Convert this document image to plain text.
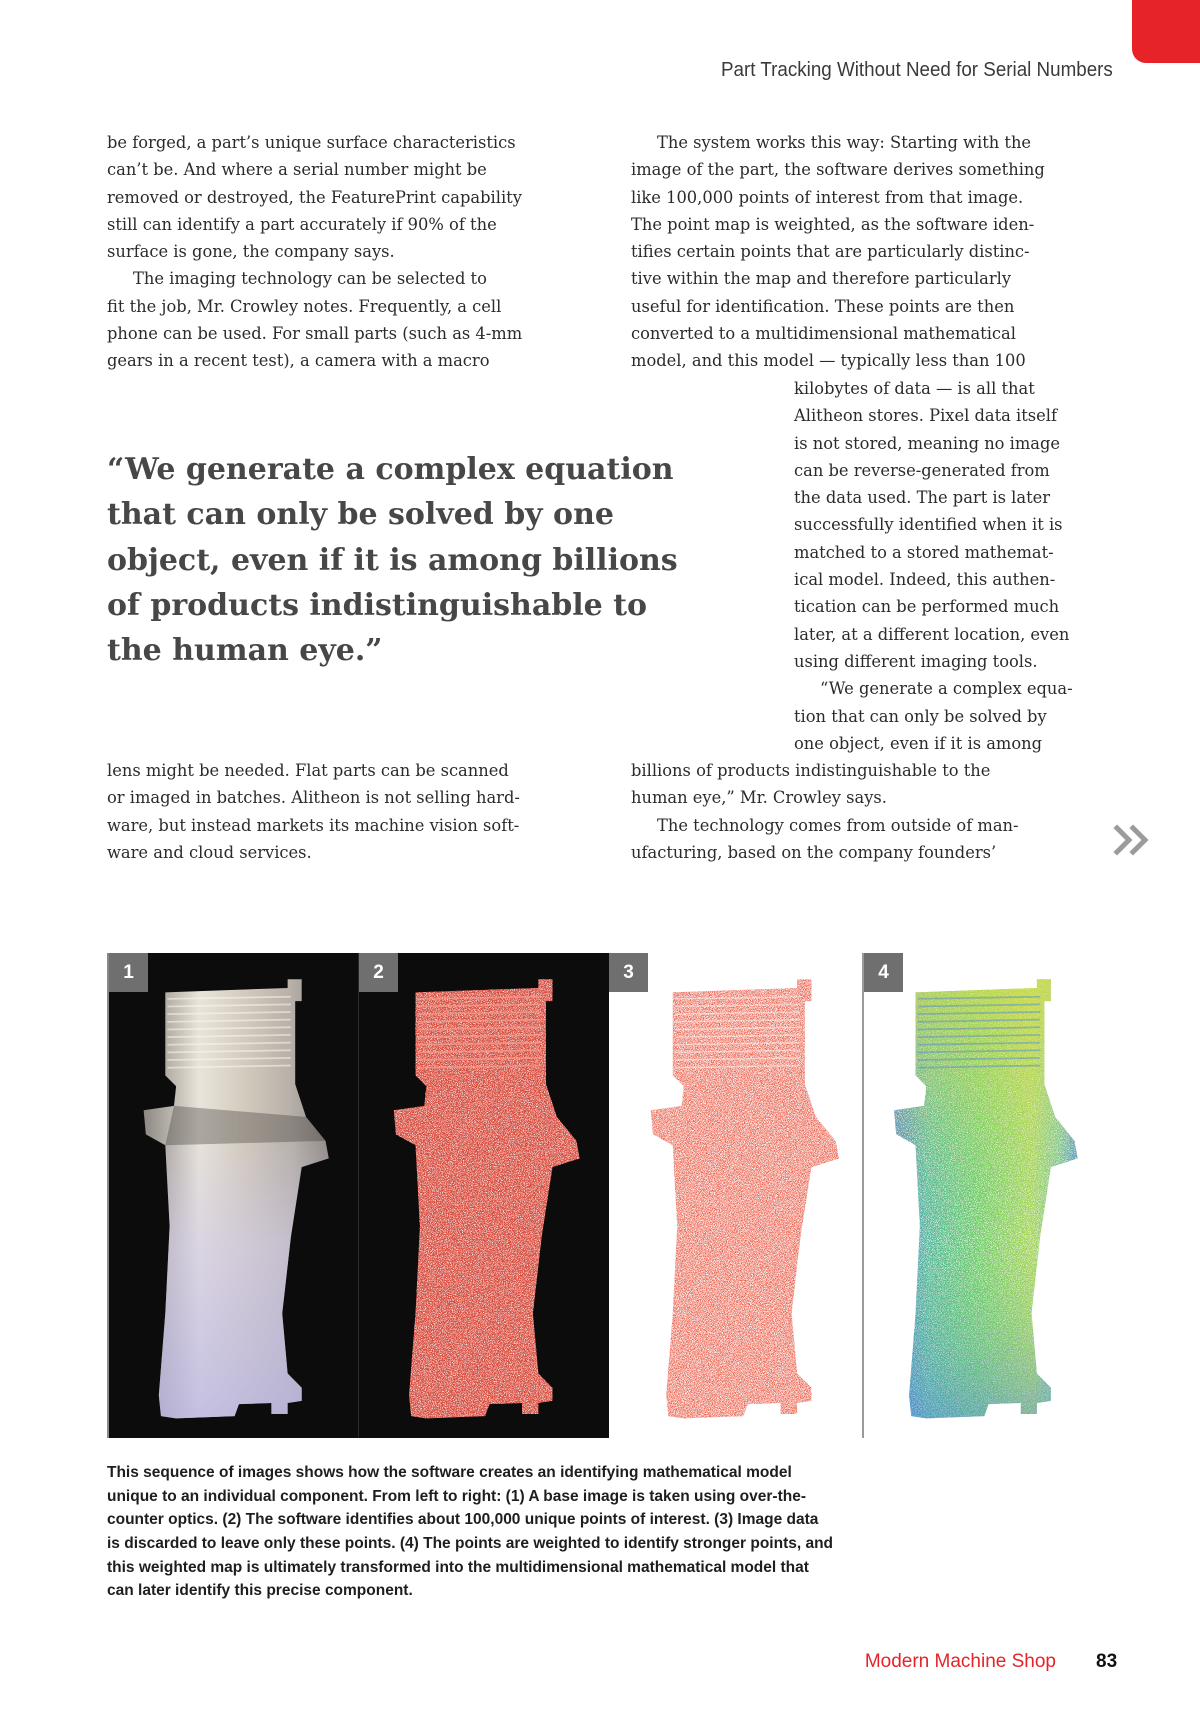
Part Tracking Without Need for Serial Numbers
be forged, a part’s unique surface characteristics
can’t be. And where a serial number might be
removed or destroyed, the FeaturePrint capability
still can identify a part accurately if 90% of the
surface is gone, the company says.
The imaging technology can be selected to
fit the job, Mr. Crowley notes. Frequently, a cell
phone can be used. For small parts (such as 4-mm
gears in a recent test), a camera with a macro
“We generate a complex equation
that can only be solved by one
object, even if it is among billions
of products indistinguishable to
the human eye.”
lens might be needed. Flat parts can be scanned
or imaged in batches. Alitheon is not selling hard-
ware, but instead markets its machine vision soft-
ware and cloud services.
The system works this way: Starting with the
image of the part, the software derives something
like 100,000 points of interest from that image.
The point map is weighted, as the software iden-
tifies certain points that are particularly distinc-
tive within the map and therefore particularly
useful for identification. These points are then
converted to a multidimensional mathematical
model, and this model — typically less than 100
kilobytes of data — is all that
Alitheon stores. Pixel data itself
is not stored, meaning no image
can be reverse-generated from
the data used. The part is later
successfully identified when it is
matched to a stored mathemat-
ical model. Indeed, this authen-
tication can be performed much
later, at a different location, even
using different imaging tools.
“We generate a complex equa-
tion that can only be solved by
one object, even if it is among
billions of products indistinguishable to the
human eye,” Mr. Crowley says.
The technology comes from outside of man-
ufacturing, based on the company founders’
1	2	3	4
This sequence of images shows how the software creates an identifying mathematical model
unique to an individual component. From left to right: (1) A base image is taken using over-the-
counter optics. (2) The software identifies about 100,000 unique points of interest. (3) Image data
is discarded to leave only these points. (4) The points are weighted to identify stronger points, and
this weighted map is ultimately transformed into the multidimensional mathematical model that
can later identify this precise component.
Modern Machine Shop 83
